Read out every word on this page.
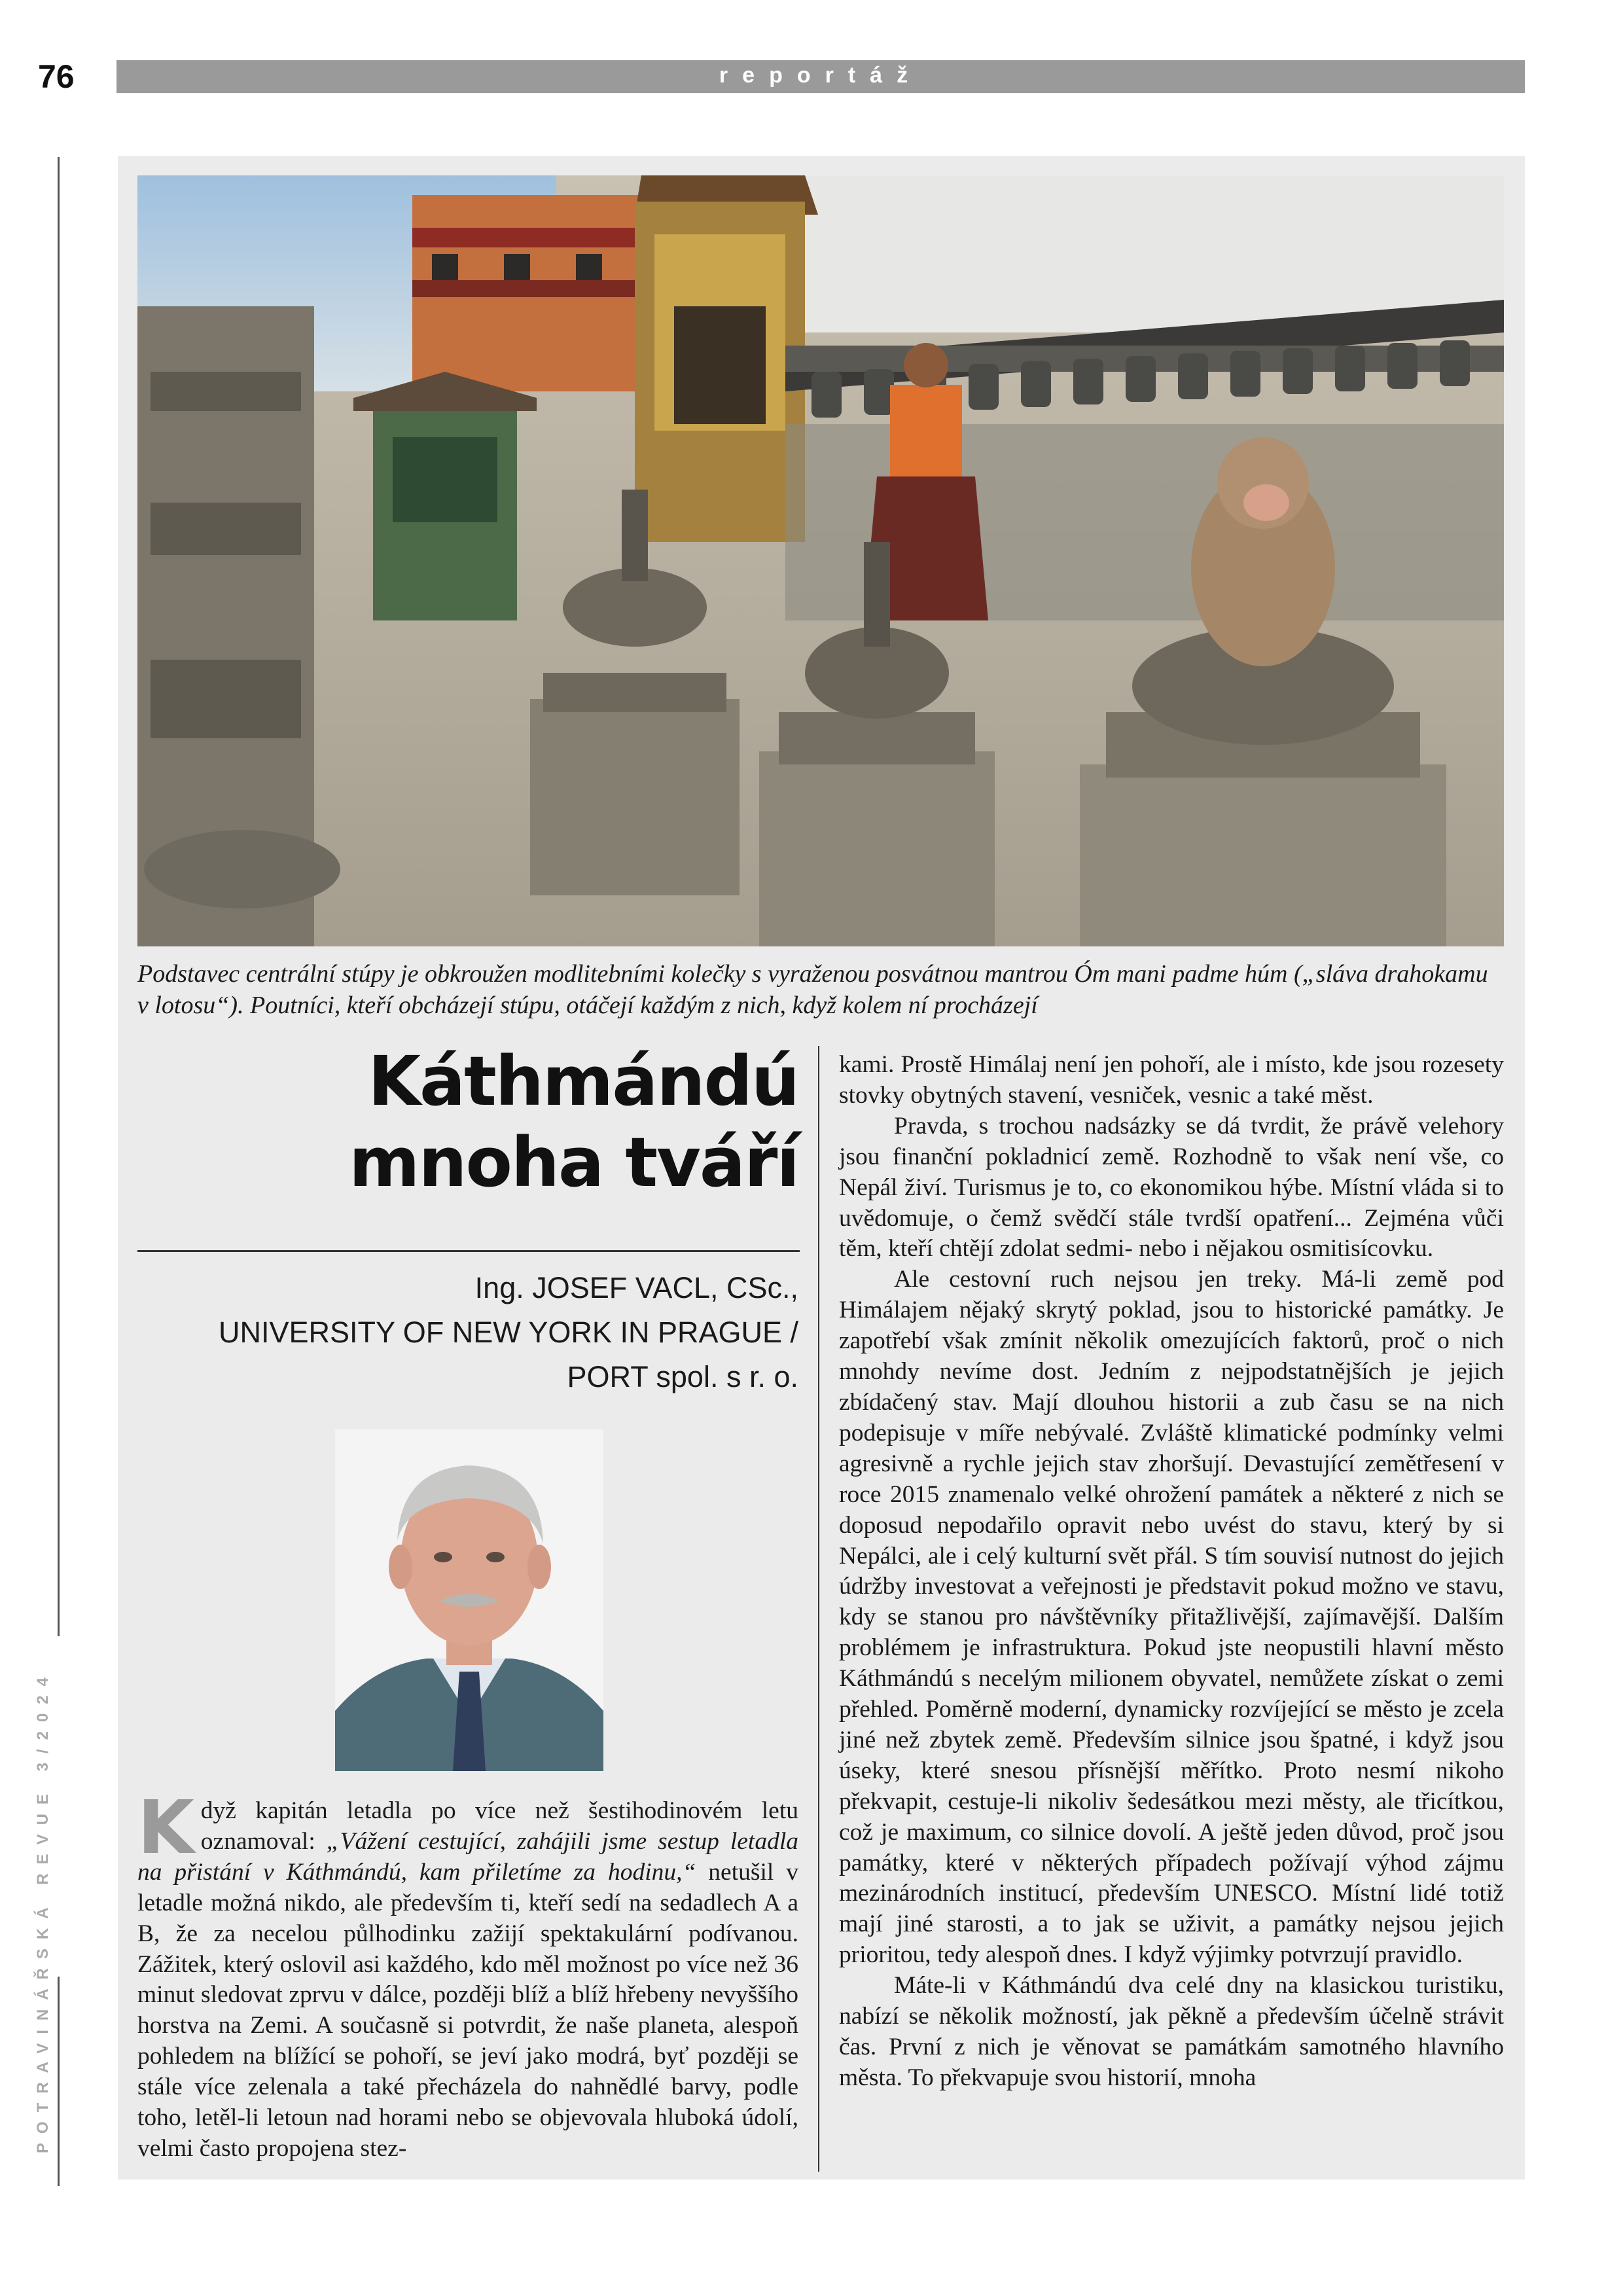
76	reportáž
POTRAVINÁŘSKÁ REVUE 3/2024
Podstavec centrální stúpy je obkroužen modlitebními kolečky s vyraženou posvátnou mantrou Óm mani padme húm („sláva drahokamu v lotosu“). Poutníci, kteří obcházejí stúpu, otáčejí každým z nich, když kolem ní procházejí
Káthmándú
mnoha tváří
Ing. JOSEF VACL, CSc.,
UNIVERSITY OF NEW YORK IN PRAGUE /
PORT spol. s r. o.

Když kapitán letadla po více než šestihodinovém letu oznamoval: „Vážení cestující, zahájili jsme sestup letadla na přistání v Káthmándú, kam přiletíme za hodinu,“ netušil v letadle možná nikdo, ale především ti, kteří sedí na sedadlech A a B, že za necelou půlhodinku zažijí spektakulární podívanou. Zážitek, který oslovil asi každého, kdo měl možnost po více než 36 minut sledovat zprvu v dálce, později blíž a blíž hřebeny nevyššího horstva na Zemi. A současně si potvrdit, že naše planeta, alespoň pohledem na blížící se pohoří, se jeví jako modrá, byť později se stále více zelenala a také přecházela do nahnědlé barvy, podle toho, letěl-li letoun nad horami nebo se objevovala hluboká údolí, velmi často propojena stez-

kami. Prostě Himálaj není jen pohoří, ale i místo, kde jsou rozesety stovky obytných stavení, vesniček, vesnic a také měst.

Pravda, s trochou nadsázky se dá tvrdit, že právě velehory jsou finanční pokladnicí země. Rozhodně to však není vše, co Nepál živí. Turismus je to, co ekonomikou hýbe. Místní vláda si to uvědomuje, o čemž svědčí stále tvrdší opatření... Zejména vůči těm, kteří chtějí zdolat sedmi- nebo i nějakou osmitisícovku.

Ale cestovní ruch nejsou jen treky. Má-li země pod Himálajem nějaký skrytý poklad, jsou to historické památky. Je zapotřebí však zmínit několik omezujících faktorů, proč o nich mnohdy nevíme dost. Jedním z nejpodstatnějších je jejich zbídačený stav. Mají dlouhou historii a zub času se na nich podepisuje v míře nebývalé. Zvláště klimatické podmínky velmi agresivně a rychle jejich stav zhoršují. Devastující zemětřesení v roce 2015 znamenalo velké ohrožení památek a některé z nich se doposud nepodařilo opravit nebo uvést do stavu, který by si Nepálci, ale i celý kulturní svět přál. S tím souvisí nutnost do jejich údržby investovat a veřejnosti je představit pokud možno ve stavu, kdy se stanou pro návštěvníky přitažlivější, zajímavější. Dalším problémem je infrastruktura. Pokud jste neopustili hlavní město Káthmándú s necelým milionem obyvatel, nemůžete získat o zemi přehled. Poměrně moderní, dynamicky rozvíjející se město je zcela jiné než zbytek země. Především silnice jsou špatné, i když jsou úseky, které snesou přísnější měřítko. Proto nesmí nikoho překvapit, cestuje-li nikoliv šedesátkou mezi městy, ale třicítkou, což je maximum, co silnice dovolí. A ještě jeden důvod, proč jsou památky, které v některých případech požívají výhod zájmu mezinárodních institucí, především UNESCO. Místní lidé totiž mají jiné starosti, a to jak se uživit, a památky nejsou jejich prioritou, tedy alespoň dnes. I když výjimky potvrzují pravidlo.

Máte-li v Káthmándú dva celé dny na klasickou turistiku, nabízí se několik možností, jak pěkně a především účelně strávit čas. První z nich je věnovat se památkám samotného hlavního města. To překvapuje svou historií, mnoha
